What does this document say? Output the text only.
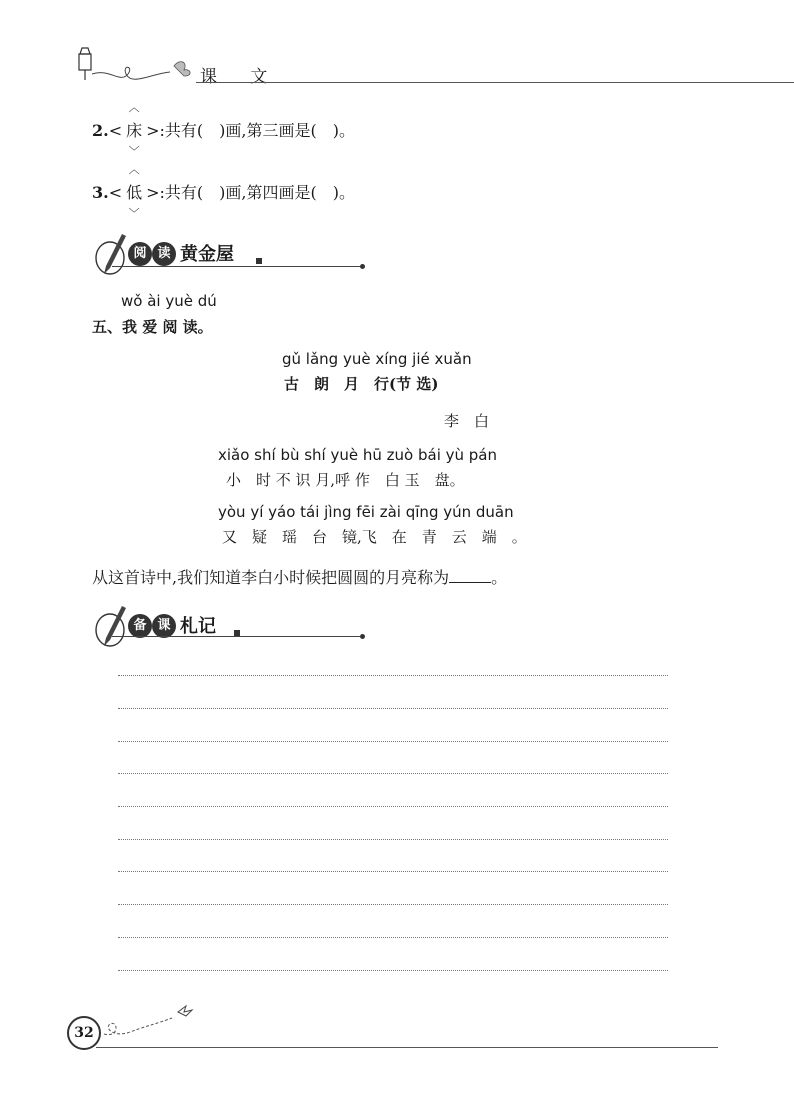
课 文
2.<
︿
床
﹀
>:共有(　)画,第三画是(　)。
3.<
︿
低
﹀
>:共有(　)画,第四画是(　)。
阅 读 黄金屋
wǒ ài yuè dú
五、我 爱 阅 读。
gǔ lǎng yuè xíng jié xuǎn
古　朗　月　行(节 选)
李　白
xiǎo shí bù shí yuè hū zuò bái yù pán
小　时 不 识 月,呼 作　白 玉　盘。
yòu yí yáo tái jìng fēi zài qīng yún duān
又　疑　瑶　台　镜,飞　在　青　云　端　。
从这首诗中,我们知道李白小时候把圆圆的月亮称为	。
备 课 札记
32
